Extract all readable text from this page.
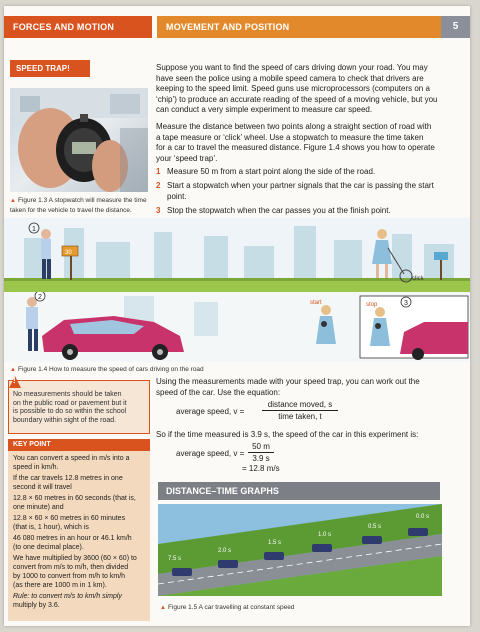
FORCES AND MOTION	MOVEMENT AND POSITION	5
SPEED TRAP!
▲ Figure 1.3 A stopwatch will measure the time
taken for the vehicle to travel the distance.
Suppose you want to find the speed of cars driving down your road. You may
have seen the police using a mobile speed camera to check that drivers are
keeping to the speed limit. Speed guns use microprocessors (computers on a
‘chip’) to produce an accurate reading of the speed of a moving vehicle, but you
can conduct a very simple experiment to measure car speed.
Measure the distance between two points along a straight section of road with
a tape measure or ‘click’ wheel. Use a stopwatch to measure the time taken
for a car to travel the measured distance. Figure 1.4 shows you how to operate
your ‘speed trap’.
1 Measure 50 m from a start point along the side of the road.
2 Start a stopwatch when your partner signals that the car is passing the start
point.
3 Stop the stopwatch when the car passes you at the finish point.
1
30
click
2
start	stop	3
▲ Figure 1.4 How to measure the speed of cars driving on the road
!
No measurements should be taken
on the public road or pavement but it
is possible to do so within the school
boundary within sight of the road.
Using the measurements made with your speed trap, you can work out the
speed of the car. Use the equation:
average speed, v =
distance moved, s
time taken, t
So if the time measured is 3.9 s, the speed of the car in this experiment is:
average speed, $v = \frac{50 m}{3.9 s}$
= 12.8 m/s
KEY POINT
You can convert a speed in m/s into a
speed in km/h.
If the car travels 12.8 metres in one
second it will travel
12.8 × 60 metres in 60 seconds (that is,
one minute) and
12.8 × 60 × 60 metres in 60 minutes
(that is, 1 hour), which is
46 080 metres in an hour or 46.1 km/h
(to one decimal place).
We have multiplied by 3600 (60 × 60) to
convert from m/s to m/h, then divided
by 1000 to convert from m/h to km/h
(as there are 1000 m in 1 km).
Rule: to convert m/s to km/h simply
multiply by 3.6.
DISTANCE–TIME GRAPHS
7.5 s
2.0 s
1.5 s
1.0 s
0.5 s
0.0 s
▲ Figure 1.5 A car travelling at constant speed
